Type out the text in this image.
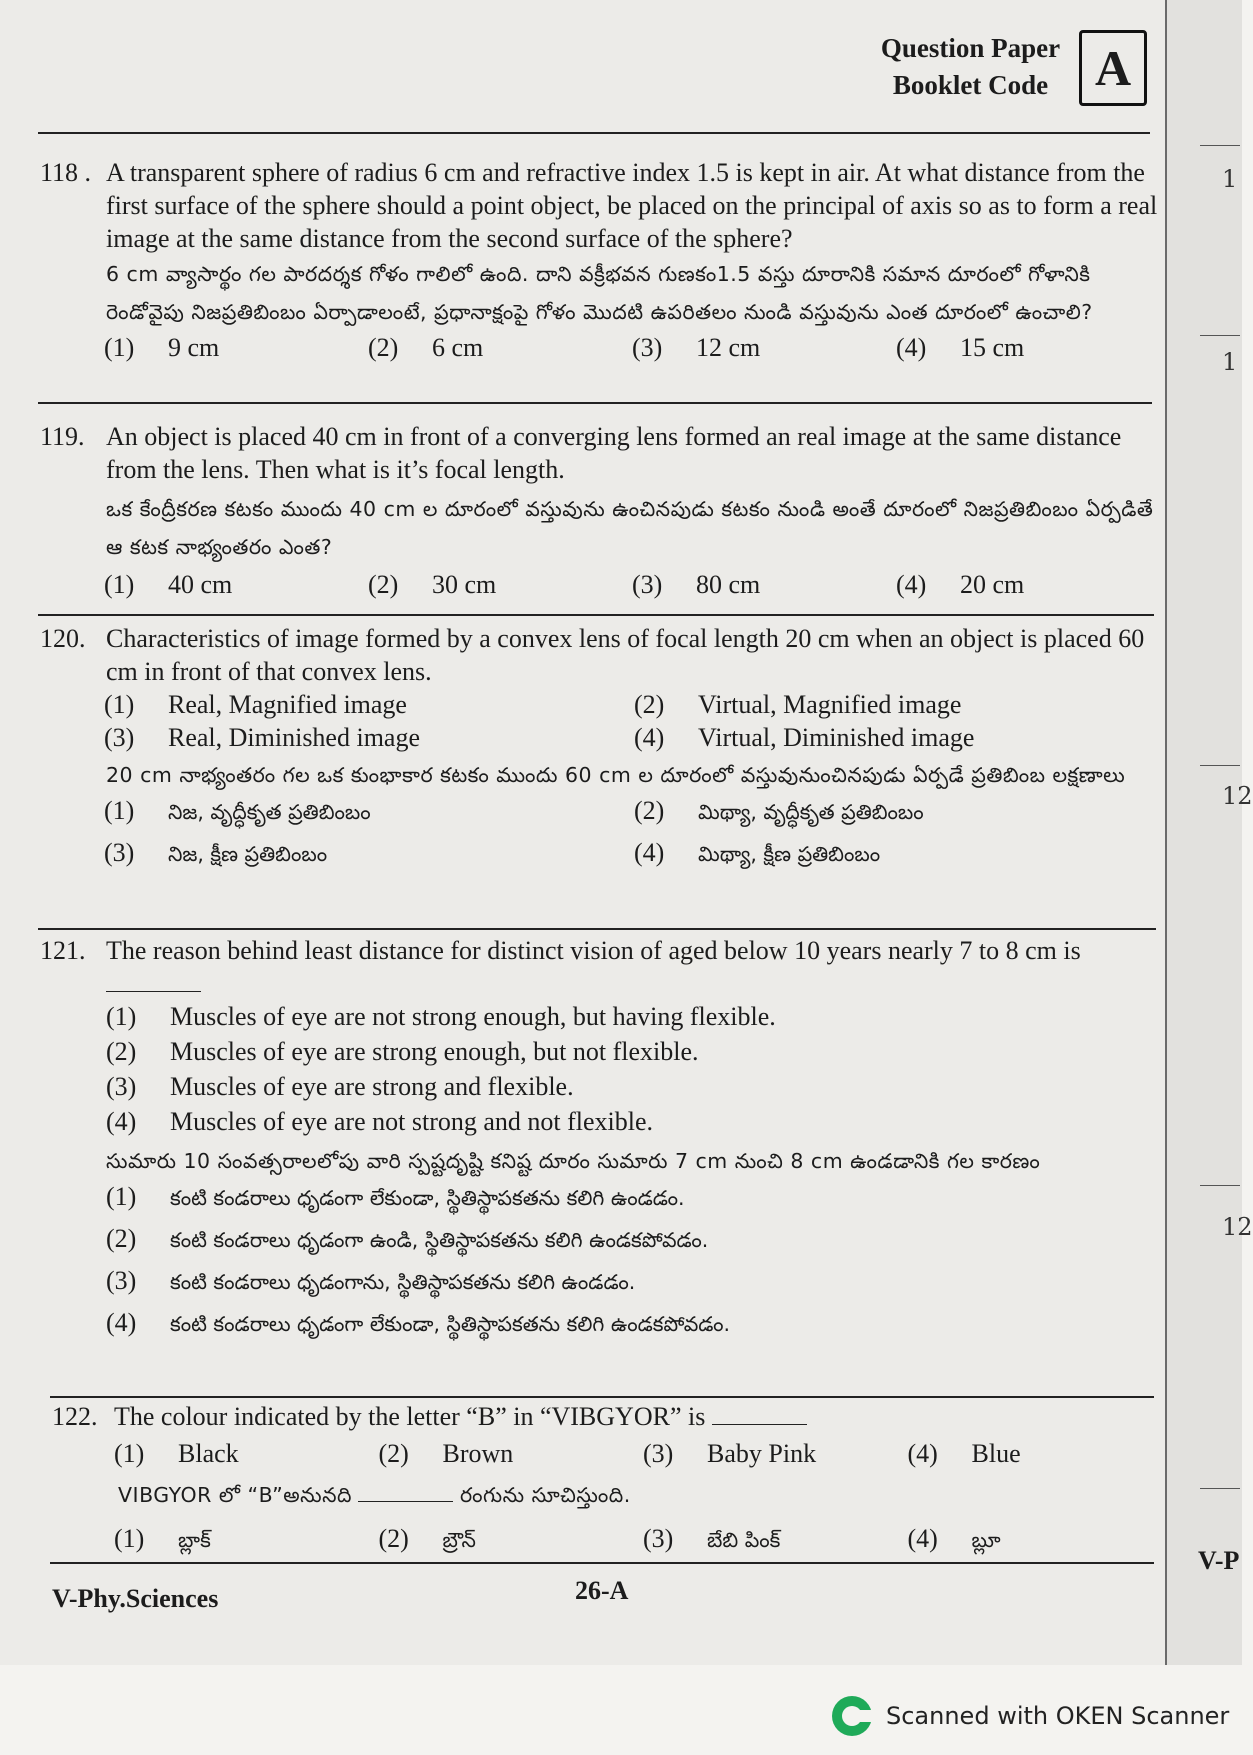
Question Paper
Booklet Code A
118 . A transparent sphere of radius 6 cm and refractive index 1.5 is kept in air. At what distance from the first surface of the sphere should a point object, be placed on the principal of axis so as to form a real image at the same distance from the second surface of the sphere?
6 cm వ్యాసార్థం గల పారదర్శక గోళం గాలిలో ఉంది. దాని వక్రీభవన గుణకం1.5 వస్తు దూరానికి సమాన దూరంలో గోళానికి రెండోవైపు నిజప్రతిబింబం ఏర్పాడాలంటే, ప్రధానాక్షంపై గోళం మొదటి ఉపరితలం నుండి వస్తువును ఎంత దూరంలో ఉంచాలి?
(1) 9 cm	(2) 6 cm	(3) 12 cm	(4) 15 cm
119. An object is placed 40 cm in front of a converging lens formed an real image at the same distance from the lens. Then what is it’s focal length.
ఒక కేంద్రీకరణ కటకం ముందు 40 cm ల దూరంలో వస్తువును ఉంచినపుడు కటకం నుండి అంతే దూరంలో నిజప్రతిబింబం ఏర్పడితే ఆ కటక నాభ్యంతరం ఎంత?
(1) 40 cm	(2) 30 cm	(3) 80 cm	(4) 20 cm
120. Characteristics of image formed by a convex lens of focal length 20 cm when an object is placed 60 cm in front of that convex lens.
(1) Real, Magnified image	(2) Virtual, Magnified image
(3) Real, Diminished image	(4) Virtual, Diminished image
20 cm నాభ్యంతరం గల ఒక కుంభాకార కటకం ముందు 60 cm ల దూరంలో వస్తువునుంచినపుడు ఏర్పడే ప్రతిబింబ లక్షణాలు
(1) నిజ, వృద్ధీకృత ప్రతిబింబం	(2) మిథ్యా, వృద్ధీకృత ప్రతిబింబం
(3) నిజ, క్షీణ ప్రతిబింబం	(4) మిథ్యా, క్షీణ ప్రతిబింబం
121. The reason behind least distance for distinct vision of aged below 10 years nearly 7 to 8 cm is
(1) Muscles of eye are not strong enough, but having flexible.
(2) Muscles of eye are strong enough, but not flexible.
(3) Muscles of eye are strong and flexible.
(4) Muscles of eye are not strong and not flexible.
సుమారు 10 సంవత్సరాలలోపు వారి స్పష్టదృష్టి కనిష్ట దూరం సుమారు 7 cm నుంచి 8 cm ఉండడానికి గల కారణం
(1) కంటి కండరాలు ధృడంగా లేకుండా, స్థితిస్థాపకతను కలిగి ఉండడం.
(2) కంటి కండరాలు ధృడంగా ఉండి, స్థితిస్థాపకతను కలిగి ఉండకపోవడం.
(3) కంటి కండరాలు ధృడంగాను, స్థితిస్థాపకతను కలిగి ఉండడం.
(4) కంటి కండరాలు ధృడంగా లేకుండా, స్థితిస్థాపకతను కలిగి ఉండకపోవడం.
122. The colour indicated by the letter “B” in “VIBGYOR” is
(1) Black	(2) Brown	(3) Baby Pink	(4) Blue
VIBGYOR లో “B”అనునది	రంగును సూచిస్తుంది.
(1) బ్లాక్	(2) బ్రౌన్	(3) బేబి పింక్	(4) బ్లూ
V-Phy.Sciences	26-A
1
1
12
12
V-P
Scanned with OKEN Scanner
